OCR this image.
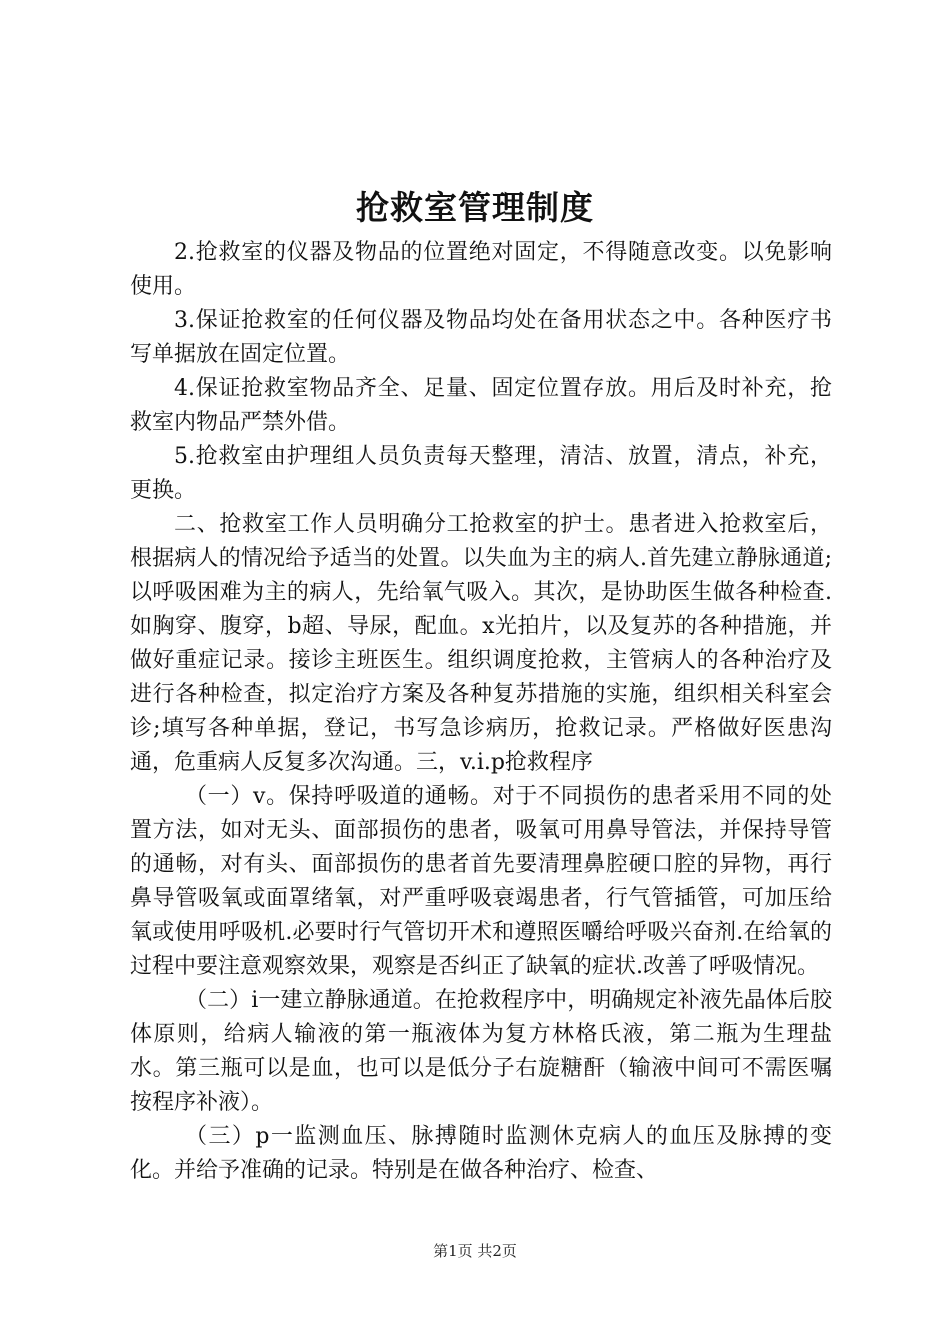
抢救室管理制度

2.抢救室的仪器及物品的位置绝对固定，不得随意改变。以免影响使用。

3.保证抢救室的任何仪器及物品均处在备用状态之中。各种医疗书写单据放在固定位置。

4.保证抢救室物品齐全、足量、固定位置存放。用后及时补充，抢救室内物品严禁外借。

5.抢救室由护理组人员负责每天整理，清洁、放置，清点，补充，更换。

二、抢救室工作人员明确分工抢救室的护士。患者进入抢救室后，根据病人的情况给予适当的处置。以失血为主的病人.首先建立静脉通道;以呼吸困难为主的病人，先给氧气吸入。其次，是协助医生做各种检查.如胸穿、腹穿，b超、导尿，配血。x光拍片，以及复苏的各种措施，并做好重症记录。接诊主班医生。组织调度抢救，主管病人的各种治疗及进行各种检查，拟定治疗方案及各种复苏措施的实施，组织相关科室会诊;填写各种单据，登记，书写急诊病历，抢救记录。严格做好医患沟通，危重病人反复多次沟通。三，v.i.p抢救程序

（一）v。保持呼吸道的通畅。对于不同损伤的患者采用不同的处置方法，如对无头、面部损伤的患者，吸氧可用鼻导管法，并保持导管的通畅，对有头、面部损伤的患者首先要清理鼻腔硬口腔的异物，再行鼻导管吸氧或面罩绪氧，对严重呼吸衰竭患者，行气管插管，可加压给氧或使用呼吸机.必要时行气管切开术和遵照医嚼给呼吸兴奋剂.在给氧的过程中要注意观察效果，观察是否纠正了缺氧的症状.改善了呼吸情况。

（二）i一建立静脉通道。在抢救程序中，明确规定补液先晶体后胶体原则，给病人输液的第一瓶液体为复方林格氏液，第二瓶为生理盐水。第三瓶可以是血，也可以是低分子右旋糖酐（输液中间可不需医嘱按程序补液）。

（三）p一监测血压、脉搏随时监测休克病人的血压及脉搏的变化。并给予准确的记录。特别是在做各种治疗、检查、

第1页 共2页
